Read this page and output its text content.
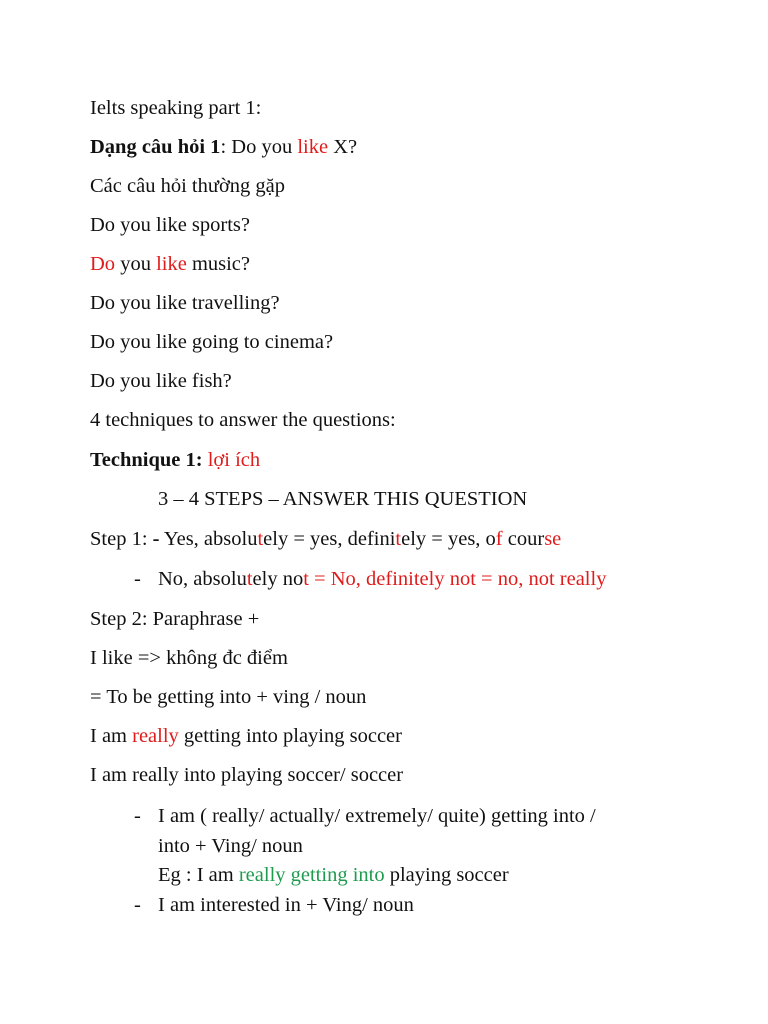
Ielts speaking part 1:
Dạng câu hỏi 1: Do you like X?
Các câu hỏi thường gặp
Do you like sports?
Do you like music?
Do you like travelling?
Do you like going to cinema?
Do you like fish?
4 techniques to answer the questions:
Technique 1: lợi ích
3 – 4 STEPS – ANSWER THIS QUESTION
Step 1: - Yes, absolutely = yes, definitely = yes, of course
- No, absolutely not = No, definitely not = no, not really
Step 2: Paraphrase +
I like => không đc điểm
= To be getting into + ving / noun
I am really getting into playing soccer
I am really into playing soccer/ soccer
- I am ( really/ actually/ extremely/ quite) getting into /
into + Ving/ noun
Eg : I am really getting into playing soccer
- I am interested in + Ving/ noun
